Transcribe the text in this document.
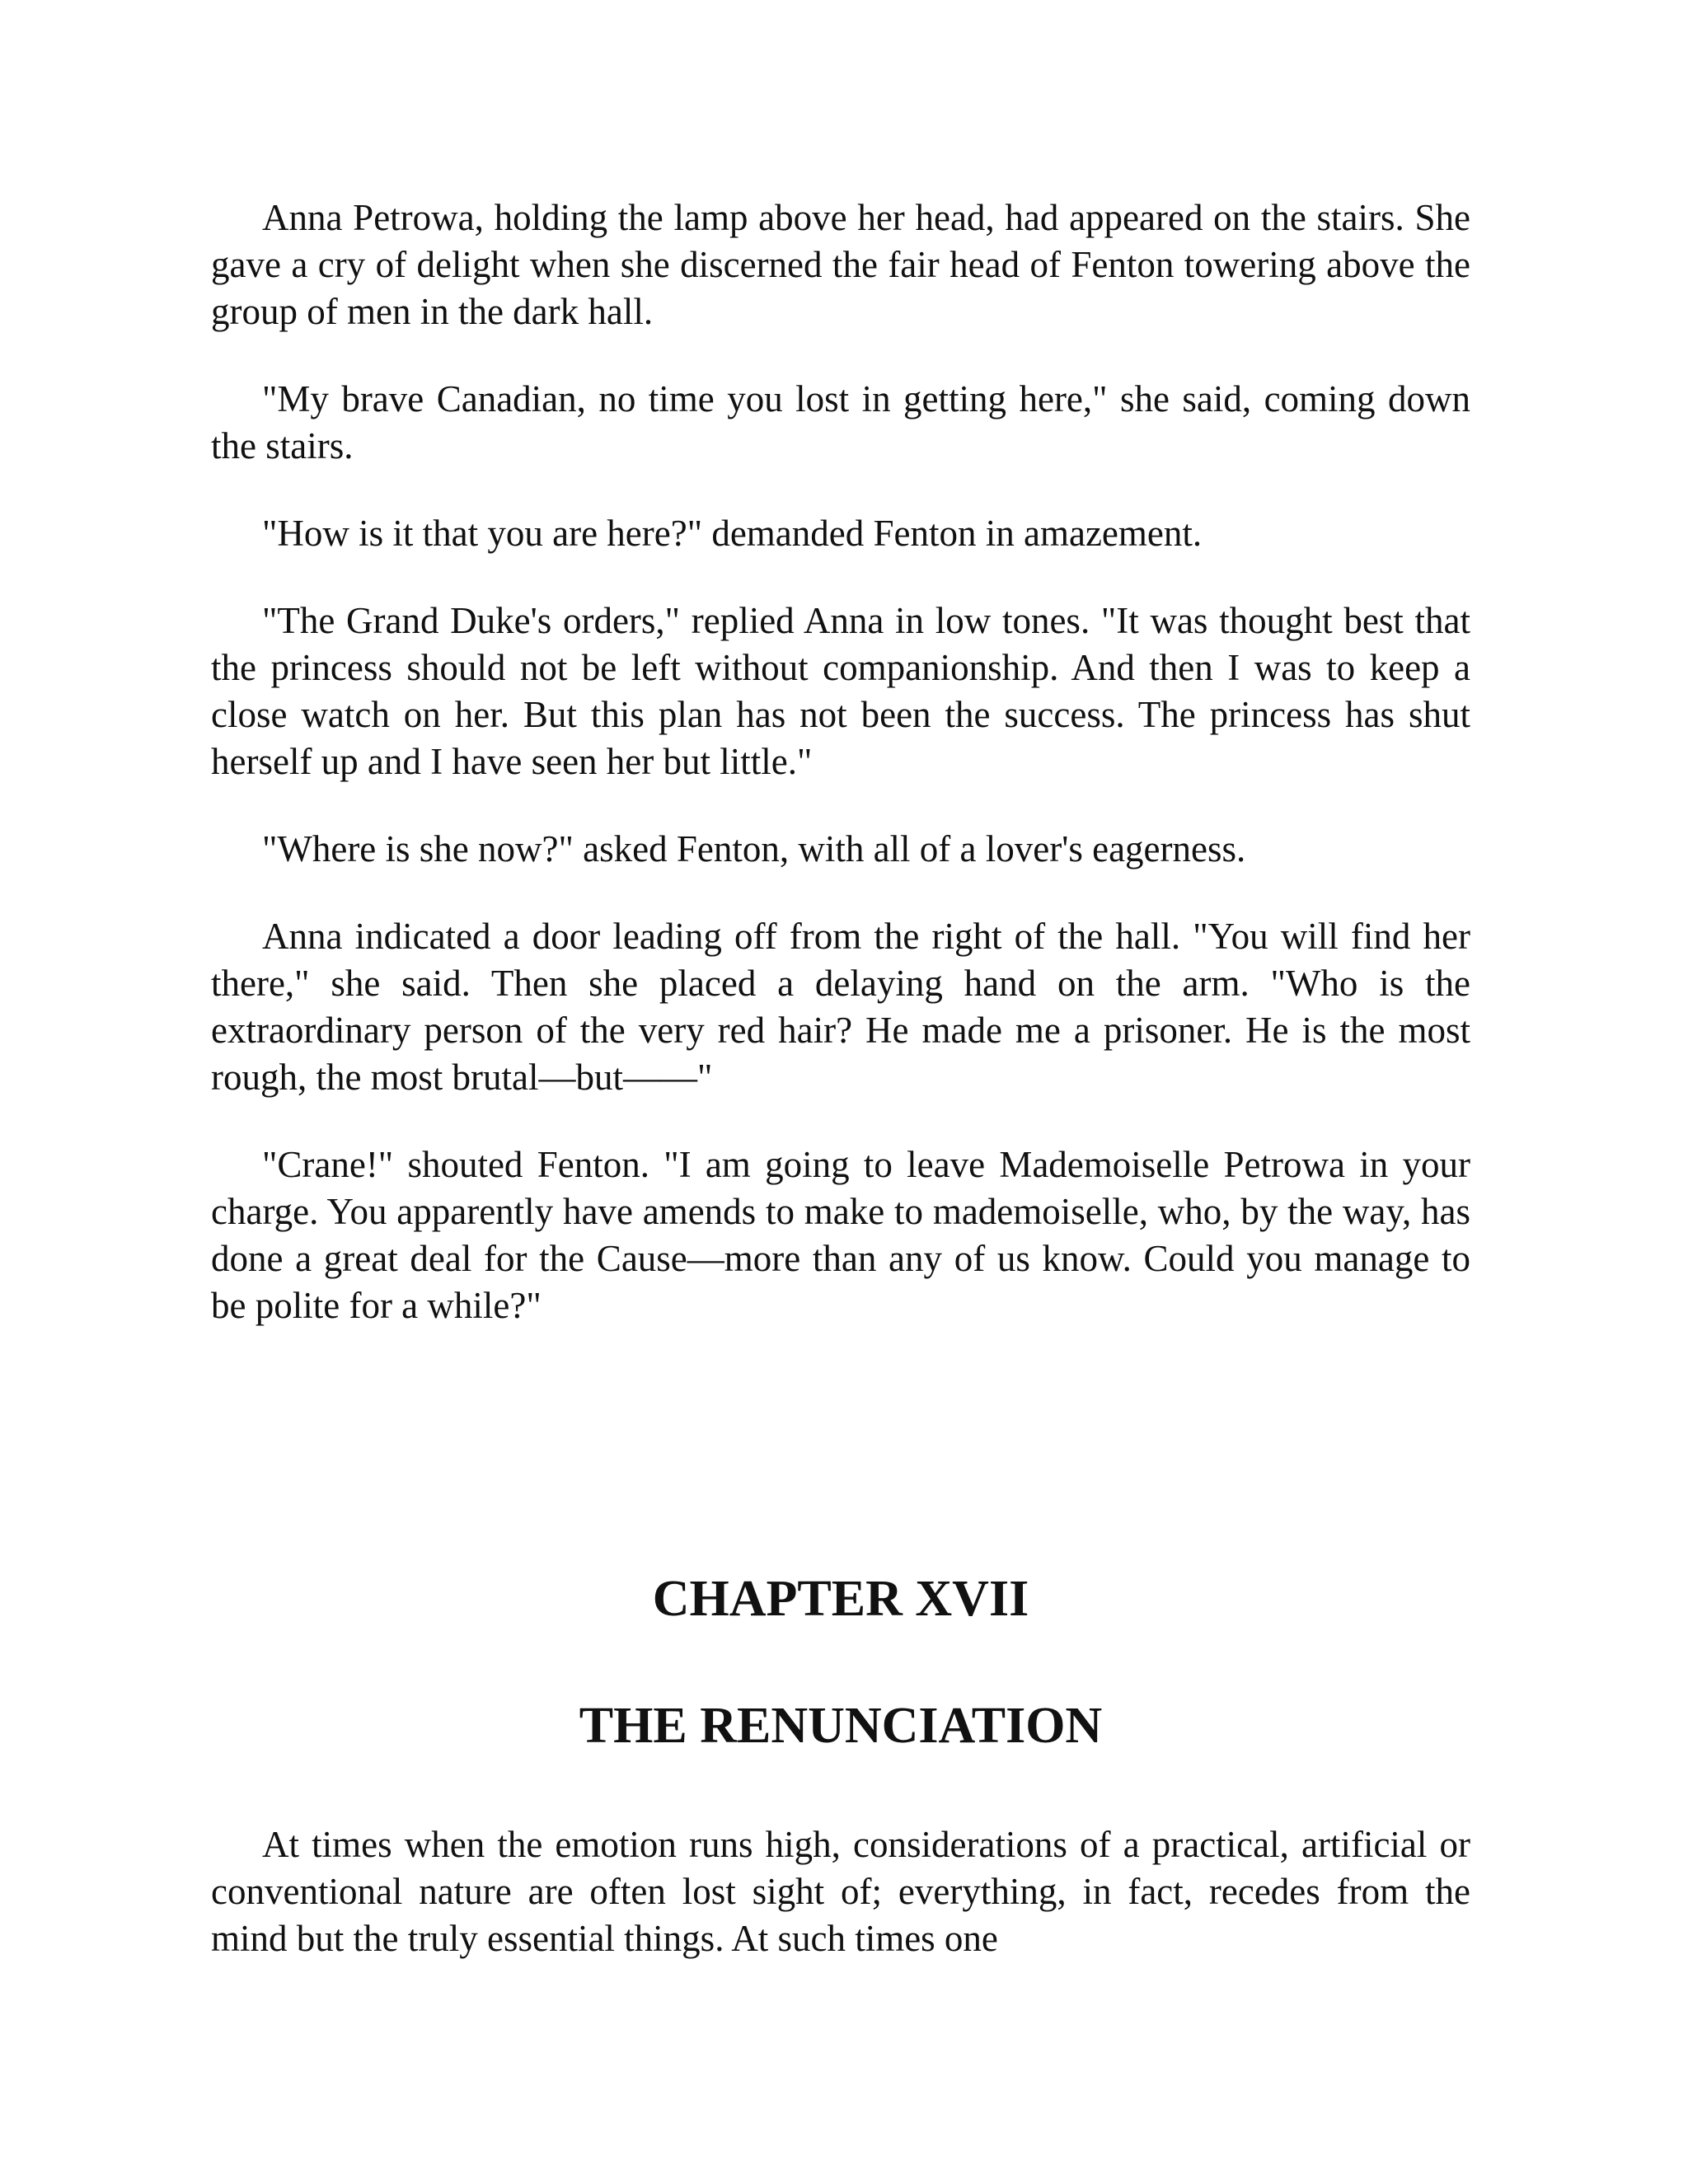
Anna Petrowa, holding the lamp above her head, had appeared on the stairs. She gave a cry of delight when she discerned the fair head of Fenton towering above the group of men in the dark hall.

"My brave Canadian, no time you lost in getting here," she said, coming down the stairs.

"How is it that you are here?" demanded Fenton in amazement.

"The Grand Duke's orders," replied Anna in low tones. "It was thought best that the princess should not be left without companionship. And then I was to keep a close watch on her. But this plan has not been the success. The princess has shut herself up and I have seen her but little."

"Where is she now?" asked Fenton, with all of a lover's eagerness.

Anna indicated a door leading off from the right of the hall. "You will find her there," she said. Then she placed a delaying hand on the arm. "Who is the extraordinary person of the very red hair? He made me a prisoner. He is the most rough, the most brutal—but——"

"Crane!" shouted Fenton. "I am going to leave Mademoiselle Petrowa in your charge. You apparently have amends to make to mademoiselle, who, by the way, has done a great deal for the Cause—more than any of us know. Could you manage to be polite for a while?"

CHAPTER XVII
THE RENUNCIATION

At times when the emotion runs high, considerations of a practical, artificial or conventional nature are often lost sight of; everything, in fact, recedes from the mind but the truly essential things. At such times one
